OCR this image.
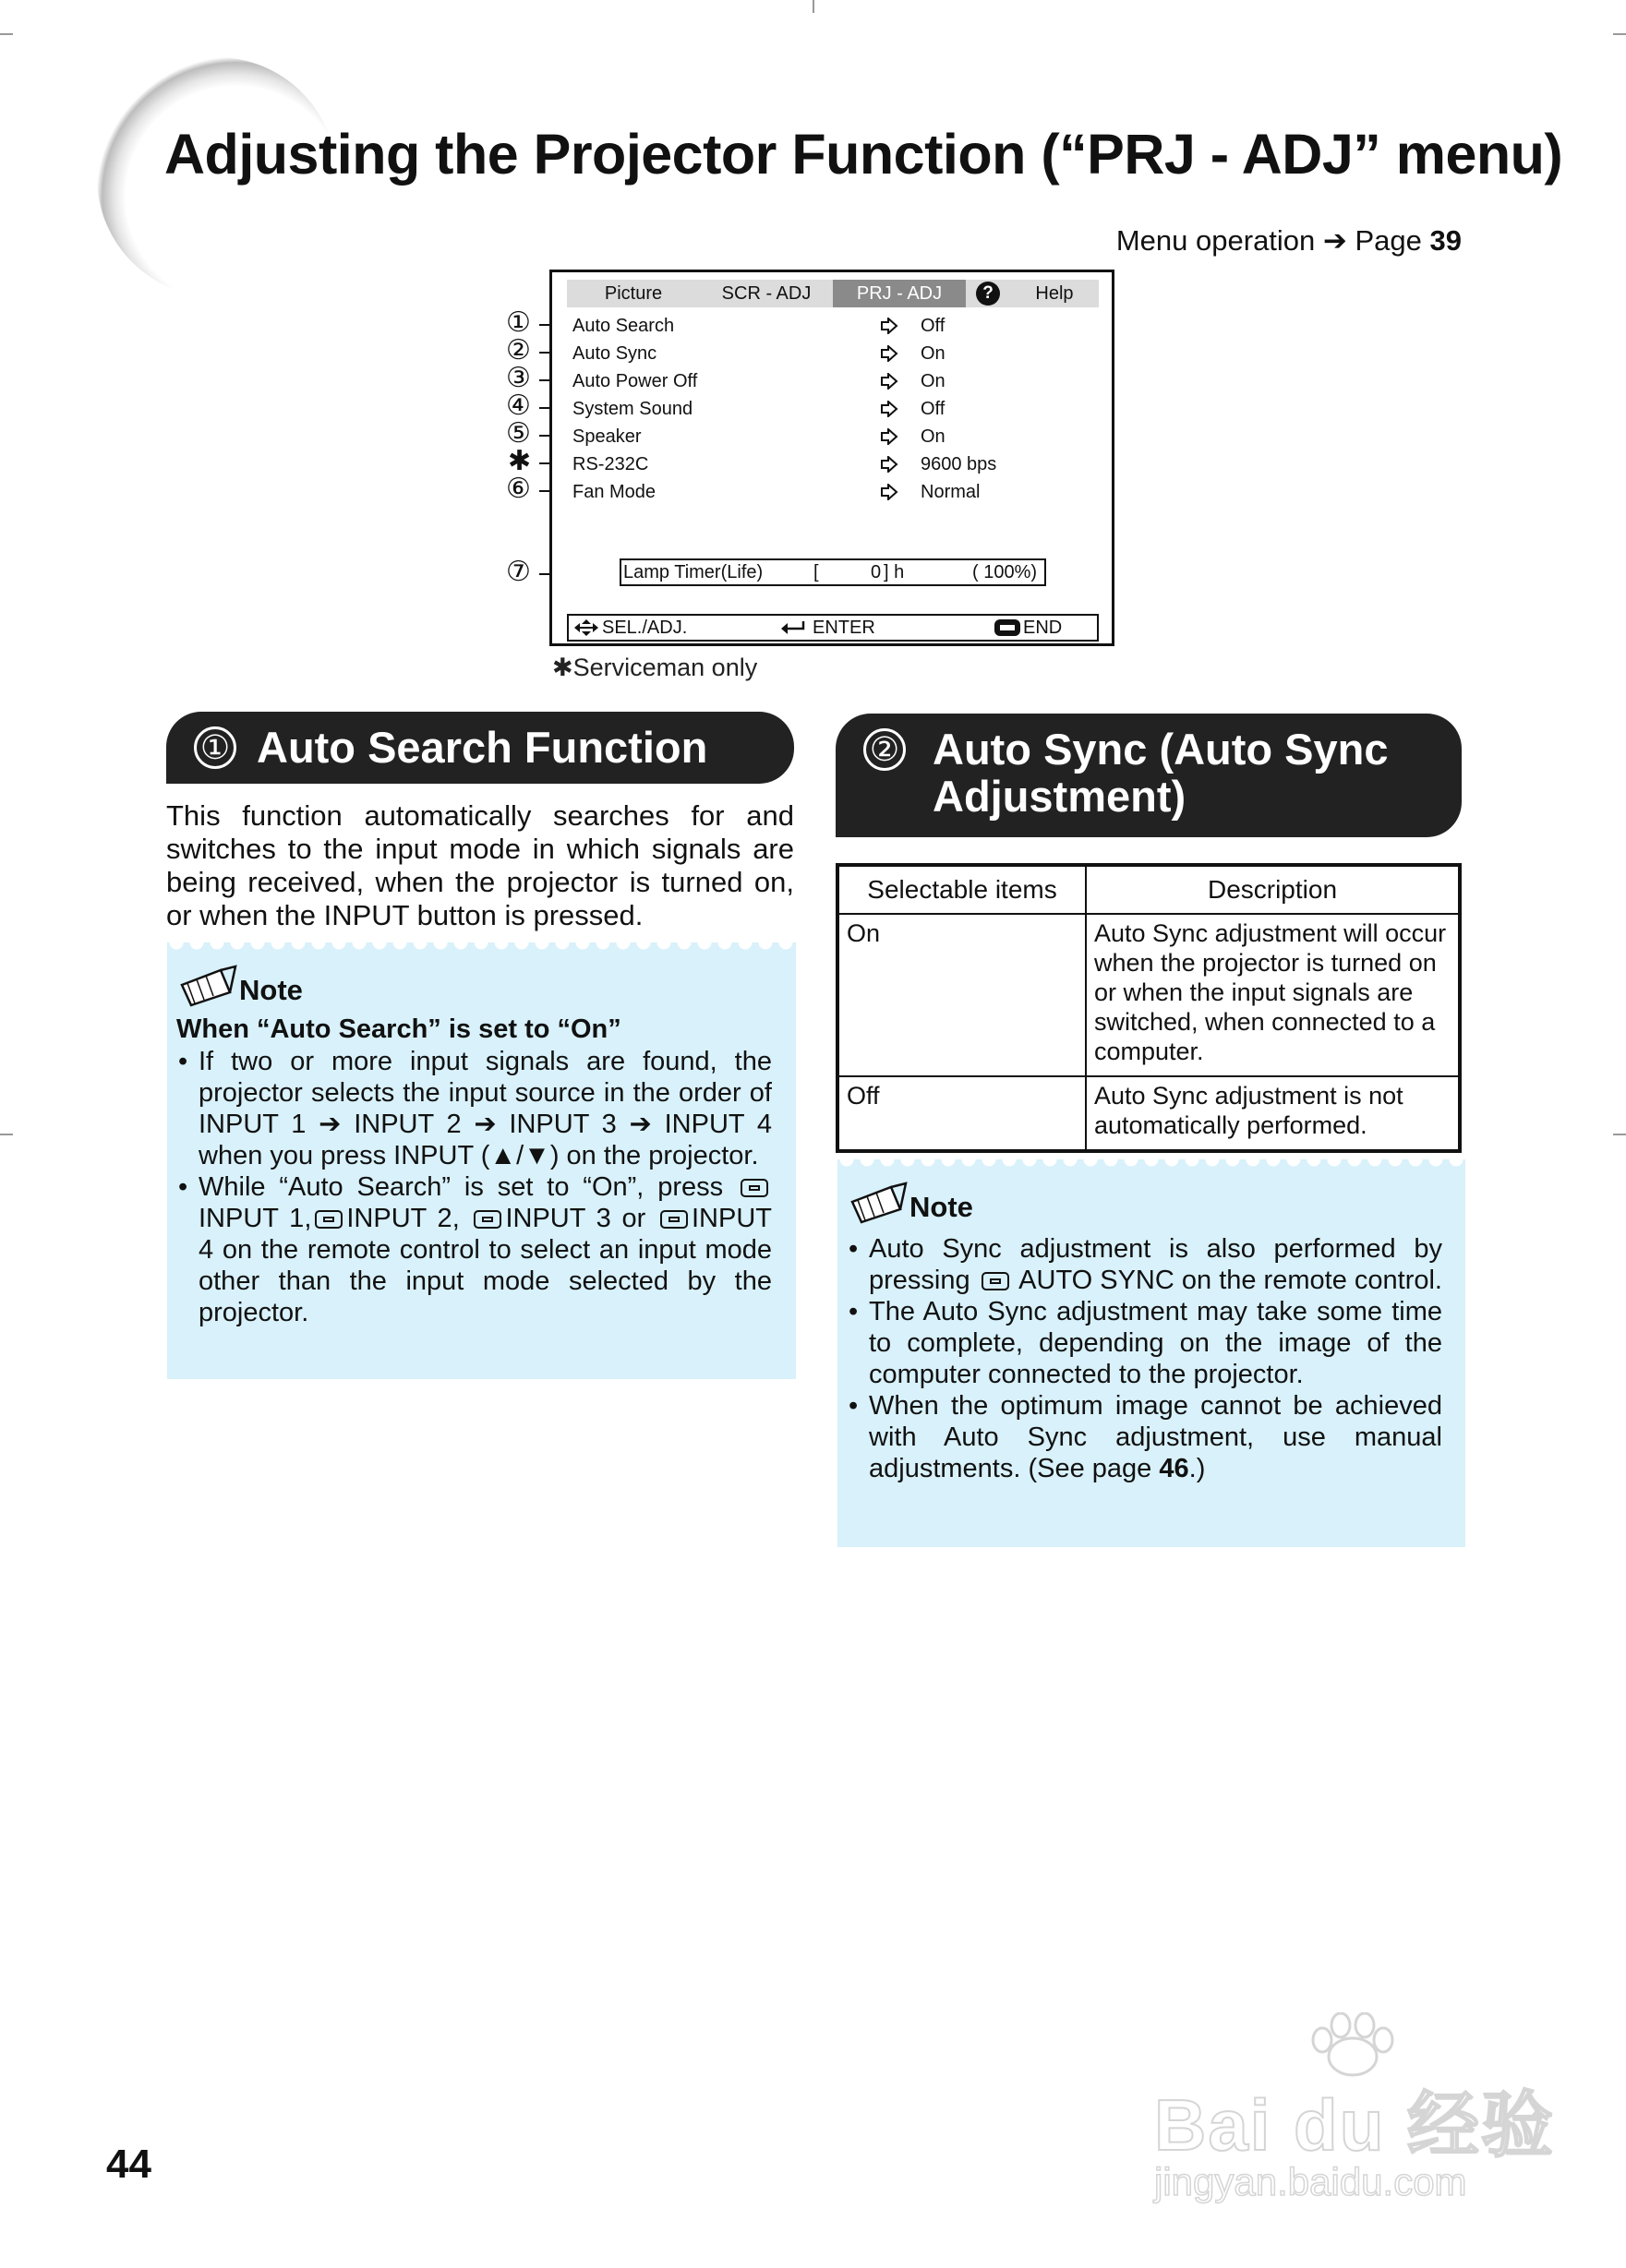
Adjusting the Projector Function (“PRJ - ADJ” menu)
Menu operation ➔ Page 39
①
②
③
④
⑤
✱
⑥
⑦
Picture	SCR - ADJ	PRJ - ADJ	?	Help
Auto Search	Off
Auto Sync	On
Auto Power Off	On
System Sound	Off
Speaker	On
RS-232C	9600 bps
Fan Mode	Normal
Lamp Timer(Life)	[	0 ] h	( 100%)
SEL./ADJ.	ENTER	END
✱Serviceman only
① Auto Search Function
This function automatically searches for and switches to the input mode in which signals are being received, when the projector is turned on, or when the INPUT button is pressed.
Note
When “Auto Search” is set to “On”
• If two or more input signals are found, the projector selects the input source in the order of INPUT 1 ➔ INPUT 2 ➔ INPUT 3 ➔ INPUT 4 when you press INPUT (▲/▼) on the projector.
• While “Auto Search” is set to “On”, press INPUT 1, INPUT 2, INPUT 3 or INPUT 4 on the remote control to select an input mode other than the input mode selected by the projector.
② Auto Sync (Auto Sync
Adjustment)
Selectable items	Description
On	Auto Sync adjustment will occur when the projector is turned on or when the input signals are switched, when connected to a computer.
Off	Auto Sync adjustment is not automatically performed.
Note
• Auto Sync adjustment is also performed by pressing AUTO SYNC on the remote control.
• The Auto Sync adjustment may take some time to complete, depending on the image of the computer connected to the projector.
• When the optimum image cannot be achieved with Auto Sync adjustment, use manual adjustments. (See page 46.)
44	Bai du 经验
jingyan.baidu.com
